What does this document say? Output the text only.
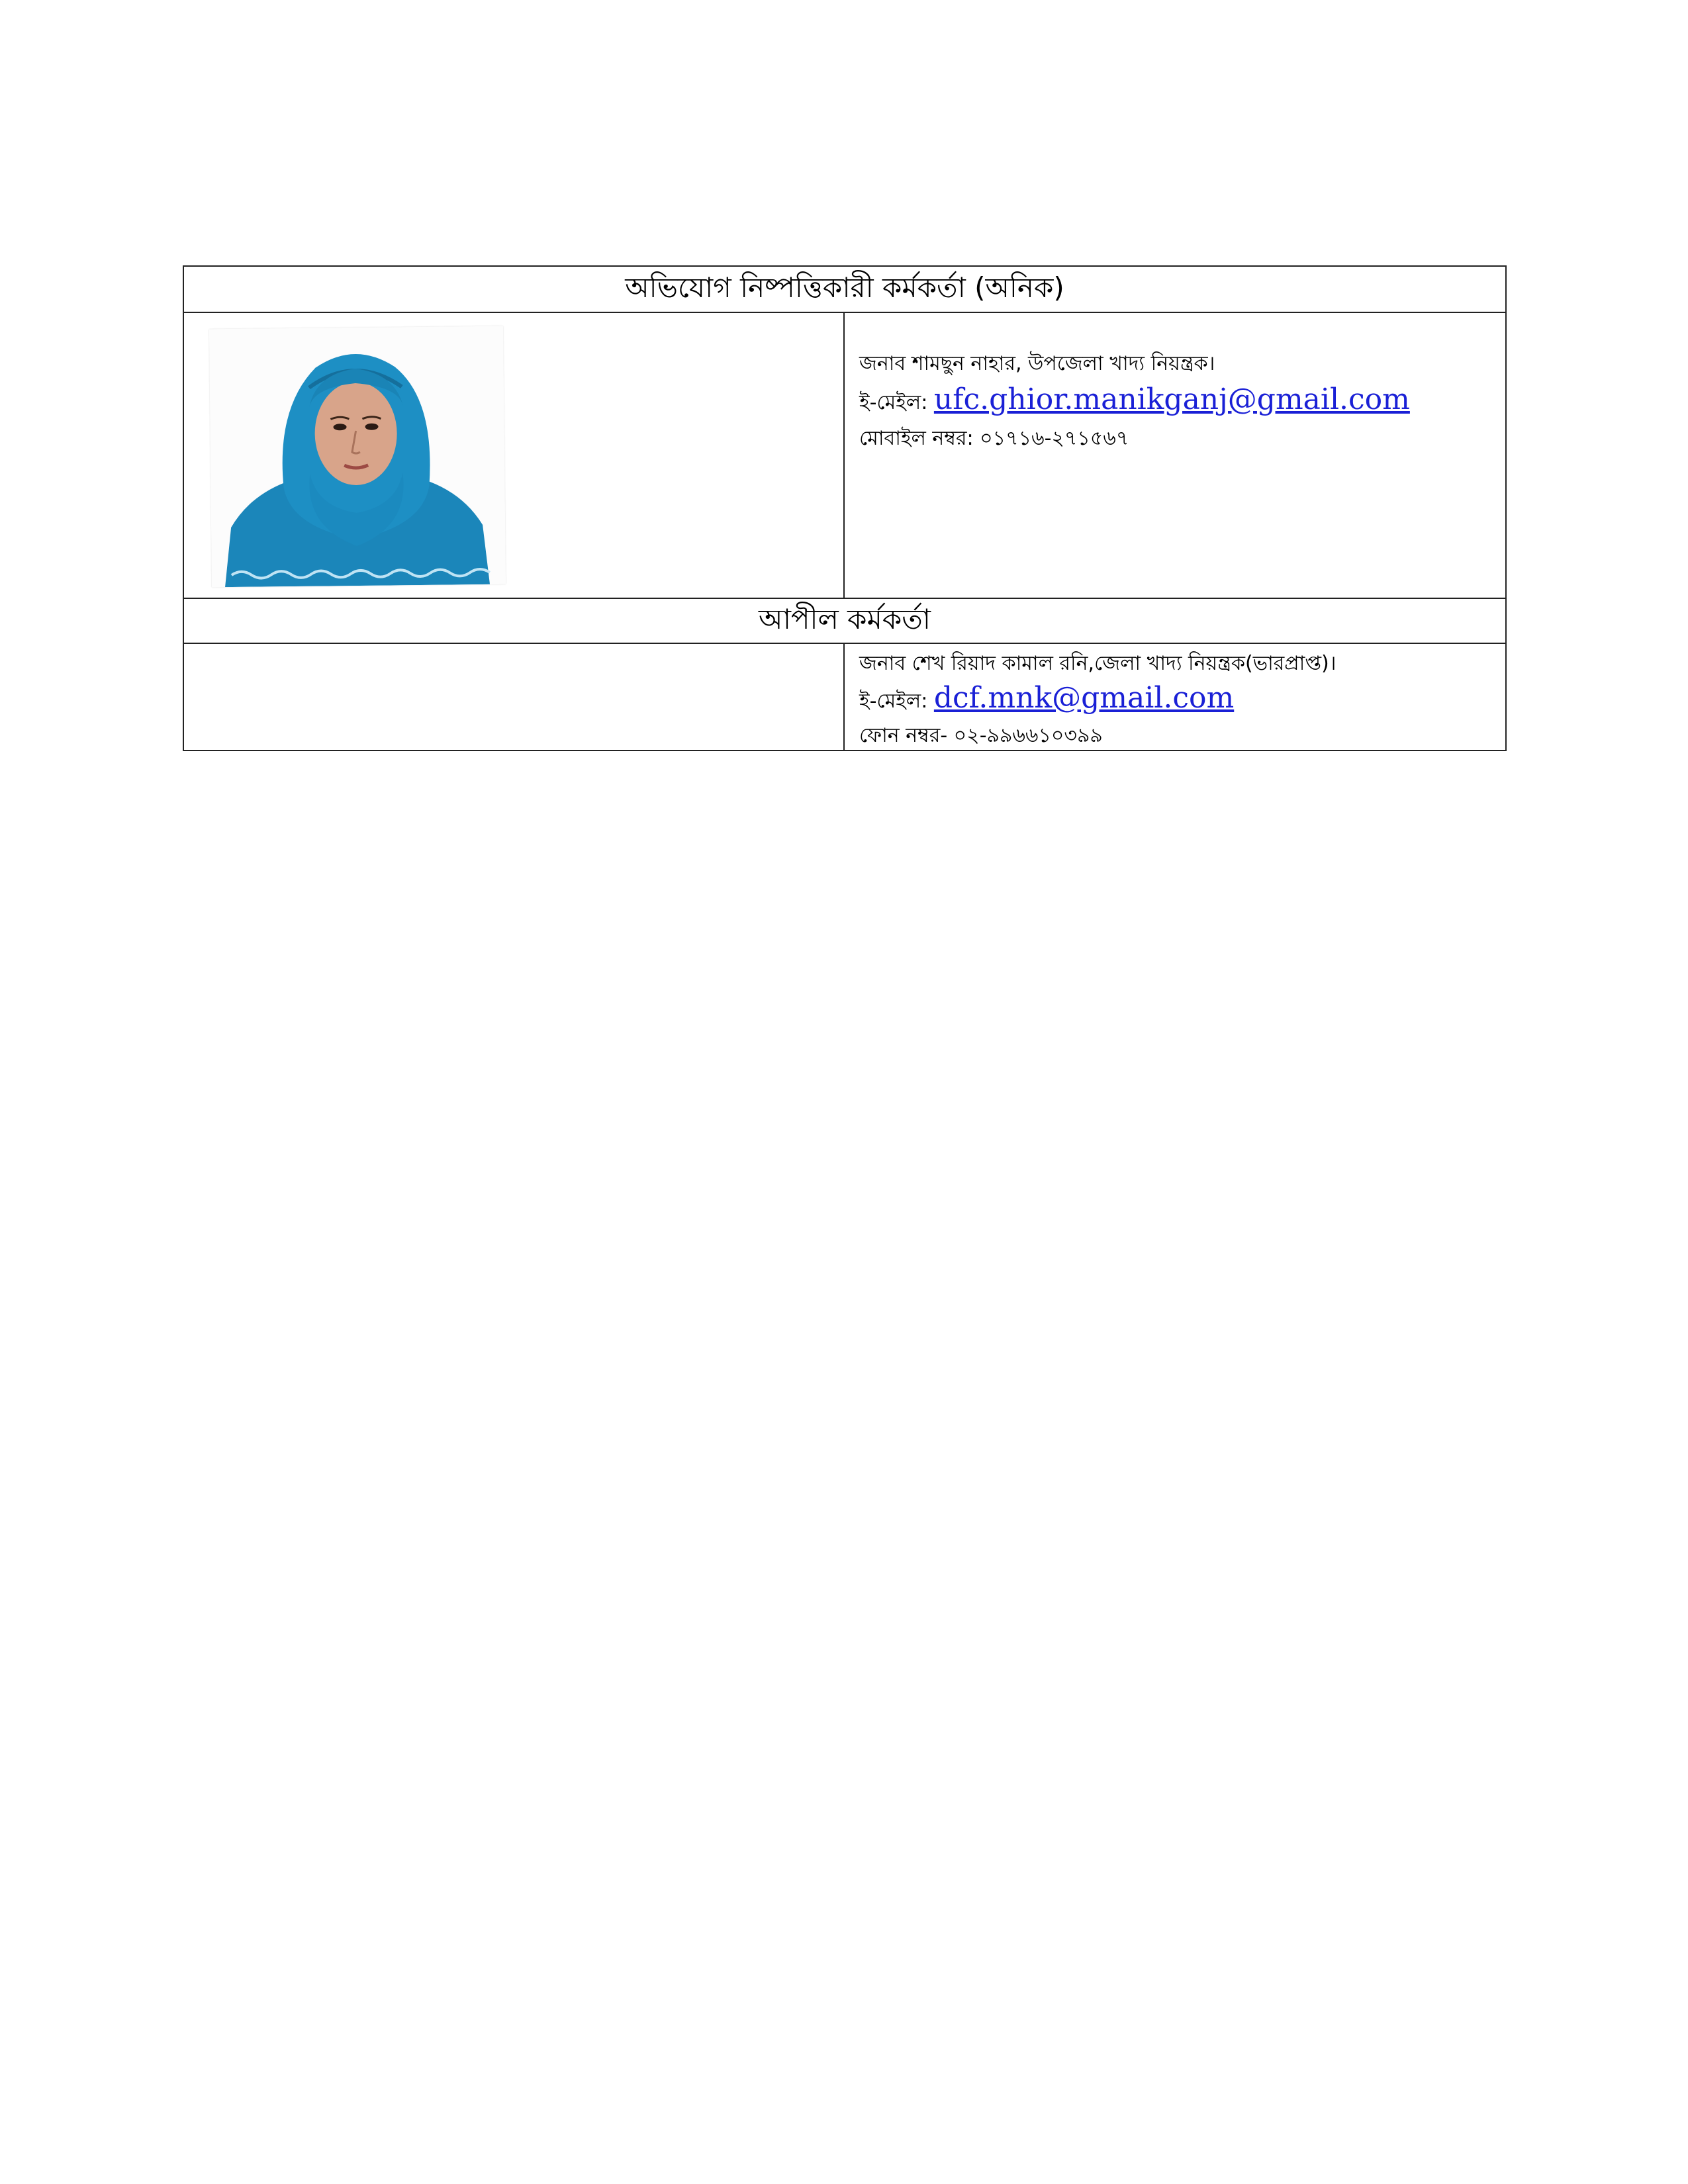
অভিযোগ নিষ্পত্তিকারী কর্মকর্তা (অনিক)
জনাব শামছুন নাহার, উপজেলা খাদ্য নিয়ন্ত্রক।
ই-মেইল: ufc.ghior.manikganj@gmail.com
মোবাইল নম্বর: ০১৭১৬-২৭১৫৬৭
আপীল কর্মকর্তা
জনাব শেখ রিয়াদ কামাল রনি,জেলা খাদ্য নিয়ন্ত্রক(ভারপ্রাপ্ত)।
ই-মেইল: dcf.mnk@gmail.com
ফোন নম্বর- ০২-৯৯৬৬১০৩৯৯
